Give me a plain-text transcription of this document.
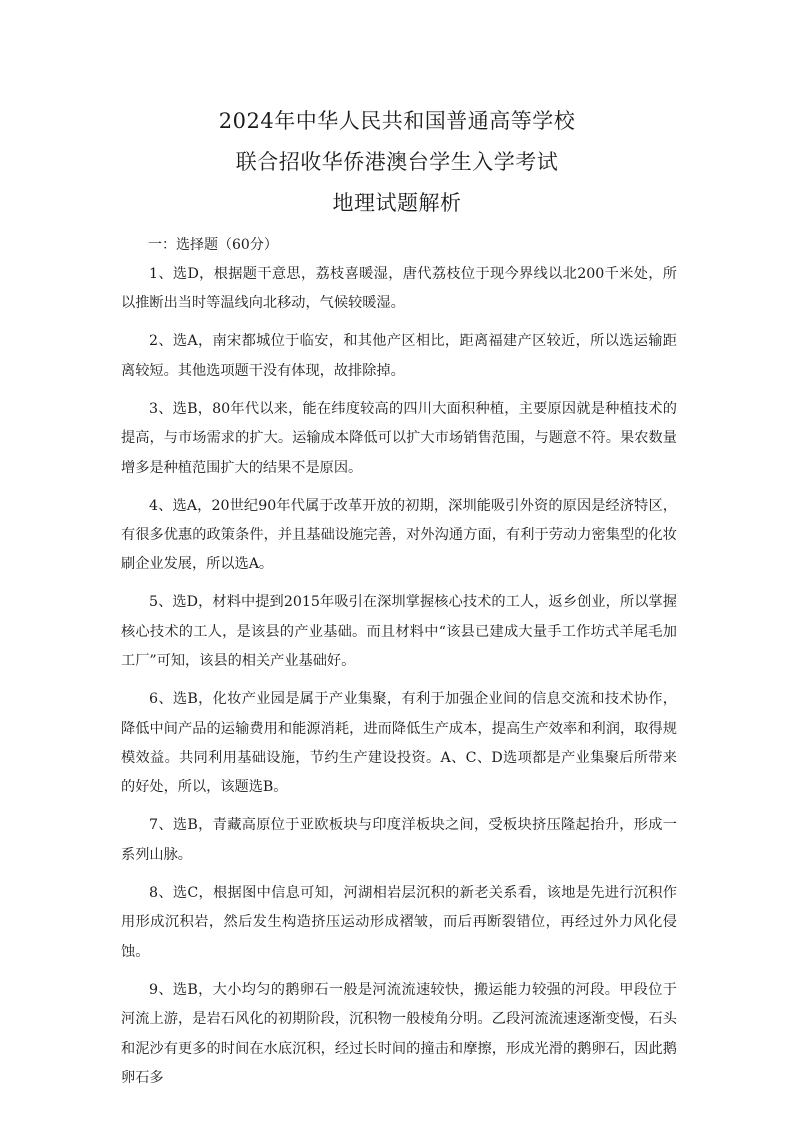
2024年中华人民共和国普通高等学校
联合招收华侨港澳台学生入学考试
地理试题解析
一：选择题（60分）

1、选D，根据题干意思，荔枝喜暖湿，唐代荔枝位于现今界线以北200千米处，所以推断出当时等温线向北移动，气候较暖湿。

2、选A，南宋都城位于临安，和其他产区相比，距离福建产区较近，所以选运输距离较短。其他选项题干没有体现，故排除掉。

3、选B，80年代以来，能在纬度较高的四川大面积种植，主要原因就是种植技术的提高，与市场需求的扩大。运输成本降低可以扩大市场销售范围，与题意不符。果农数量增多是种植范围扩大的结果不是原因。

4、选A，20世纪90年代属于改革开放的初期，深圳能吸引外资的原因是经济特区，有很多优惠的政策条件，并且基础设施完善，对外沟通方面，有利于劳动力密集型的化妆刷企业发展，所以选A。

5、选D，材料中提到2015年吸引在深圳掌握核心技术的工人，返乡创业，所以掌握核心技术的工人，是该县的产业基础。而且材料中“该县已建成大量手工作坊式羊尾毛加工厂”可知，该县的相关产业基础好。

6、选B，化妆产业园是属于产业集聚，有利于加强企业间的信息交流和技术协作，降低中间产品的运输费用和能源消耗，进而降低生产成本，提高生产效率和利润，取得规模效益。共同利用基础设施，节约生产建设投资。A、C、D选项都是产业集聚后所带来的好处，所以，该题选B。

7、选B，青藏高原位于亚欧板块与印度洋板块之间，受板块挤压隆起抬升，形成一系列山脉。

8、选C，根据图中信息可知，河湖相岩层沉积的新老关系看，该地是先进行沉积作用形成沉积岩，然后发生构造挤压运动形成褶皱，而后再断裂错位，再经过外力风化侵蚀。

9、选B，大小均匀的鹅卵石一般是河流流速较快，搬运能力较强的河段。甲段位于河流上游，是岩石风化的初期阶段，沉积物一般棱角分明。乙段河流流速逐渐变慢，石头和泥沙有更多的时间在水底沉积，经过长时间的撞击和摩擦，形成光滑的鹅卵石，因此鹅卵石多
